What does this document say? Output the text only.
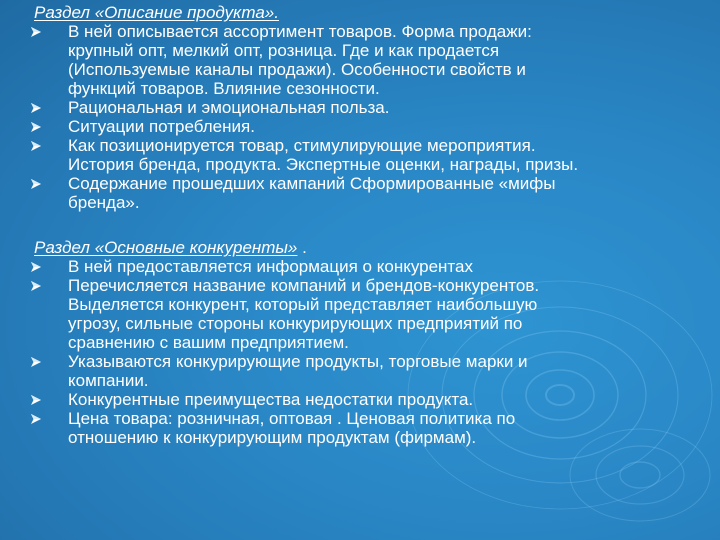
Раздел «Описание продукта».
В ней описывается ассортимент товаров. Форма продажи:
крупный опт, мелкий опт, розница. Где и как продается
(Используемые каналы продажи). Особенности свойств и
функций товаров. Влияние сезонности.
Рациональная и эмоциональная польза.
Ситуации потребления.
Как позиционируется товар, стимулирующие мероприятия.
История бренда, продукта. Экспертные оценки, награды, призы.
Содержание прошедших кампаний Сформированные «мифы
бренда».
Раздел «Основные конкуренты» .
В ней предоставляется информация о конкурентах
Перечисляется название компаний и брендов-конкурентов.
Выделяется конкурент, который представляет наибольшую
угрозу, сильные стороны конкурирующих предприятий по
сравнению с вашим предприятием.
Указываются конкурирующие продукты, торговые марки и
компании.
Конкурентные преимущества недостатки продукта.
Цена товара: розничная, оптовая . Ценовая политика по
отношению к конкурирующим продуктам (фирмам).
